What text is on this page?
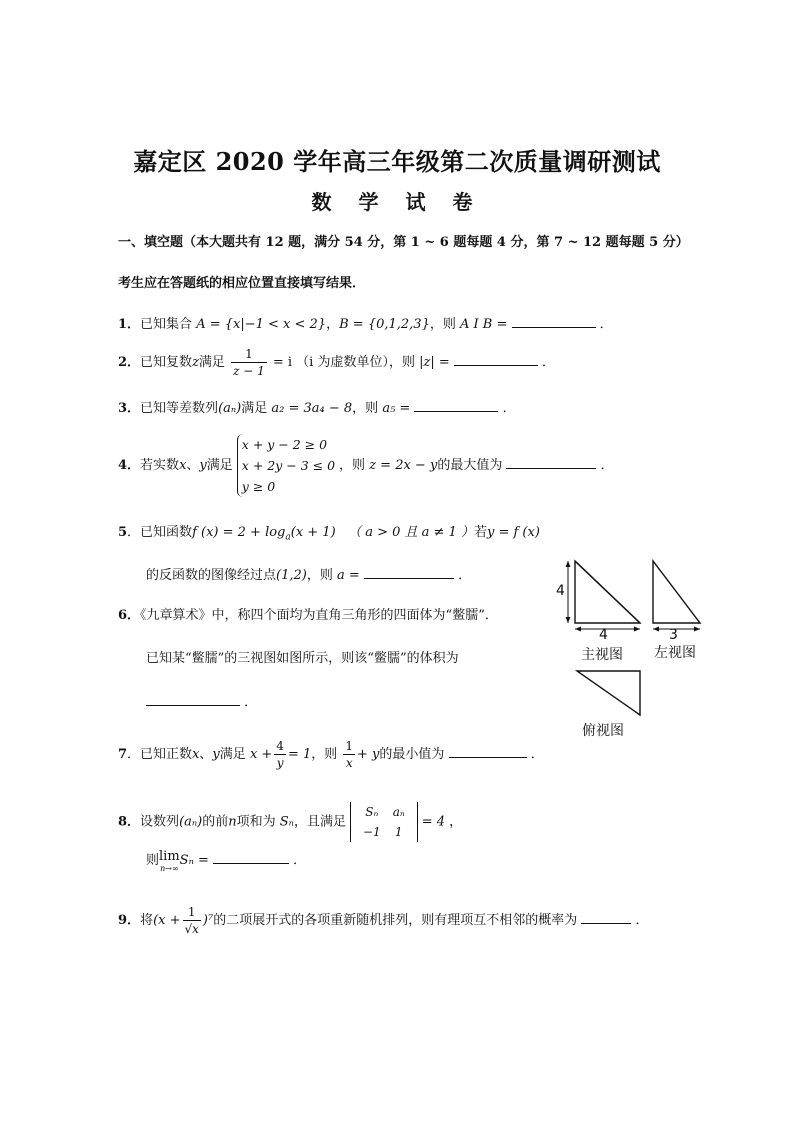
嘉定区 2020 学年高三年级第二次质量调研测试
数 学 试 卷
一、填空题（本大题共有 12 题，满分 54 分，第 1 ~ 6 题每题 4 分，第 7 ~ 12 题每题 5 分）
考生应在答题纸的相应位置直接填写结果．
1．已知集合 A = {x|−1 < x < 2}，B = {0,1,2,3}，则 A I B =	．
2．已知复数z满足 $\frac{1}{z - 1} = i$ （i 为虚数单位），则 |z| =	．
3．已知等差数列(aₙ)满足 a₂ = 3a₄ − 8，则 a₅ =	．
4．若实数x、y满足
x + y − 2 ≥ 0
x + 2y − 3 ≤ 0
y ≥ 0
，则 z = 2x − y的最大值为	．
5．已知函数f $(x) = 2 + \log_a(x + 1)$ （ a > 0 且 a ≠ 1 ）若y = f (x)
的反函数的图像经过点(1,2)，则 a =	．
6．《九章算术》中，称四个面均为直角三角形的四面体为“鳖臑”．
已知某“鳖臑”的三视图如图所示，则该“鳖臑”的体积为
．
4
4	3
主视图 左视图
俯视图
7．已知正数x、y满足 $x + \frac{4}{y} = 1$，则 $\frac{1}{x} + y$的最小值为	．
8．设数列(aₙ)的前n项和为 Sₙ，且满足
Sₙ	aₙ
−1	1
= 4 ，
则lim
n→∞
Sₙ =	．
9．将$(x + \frac{1}{√x} )^7$的二项展开式的各项重新随机排列，则有理项互不相邻的概率为	．
